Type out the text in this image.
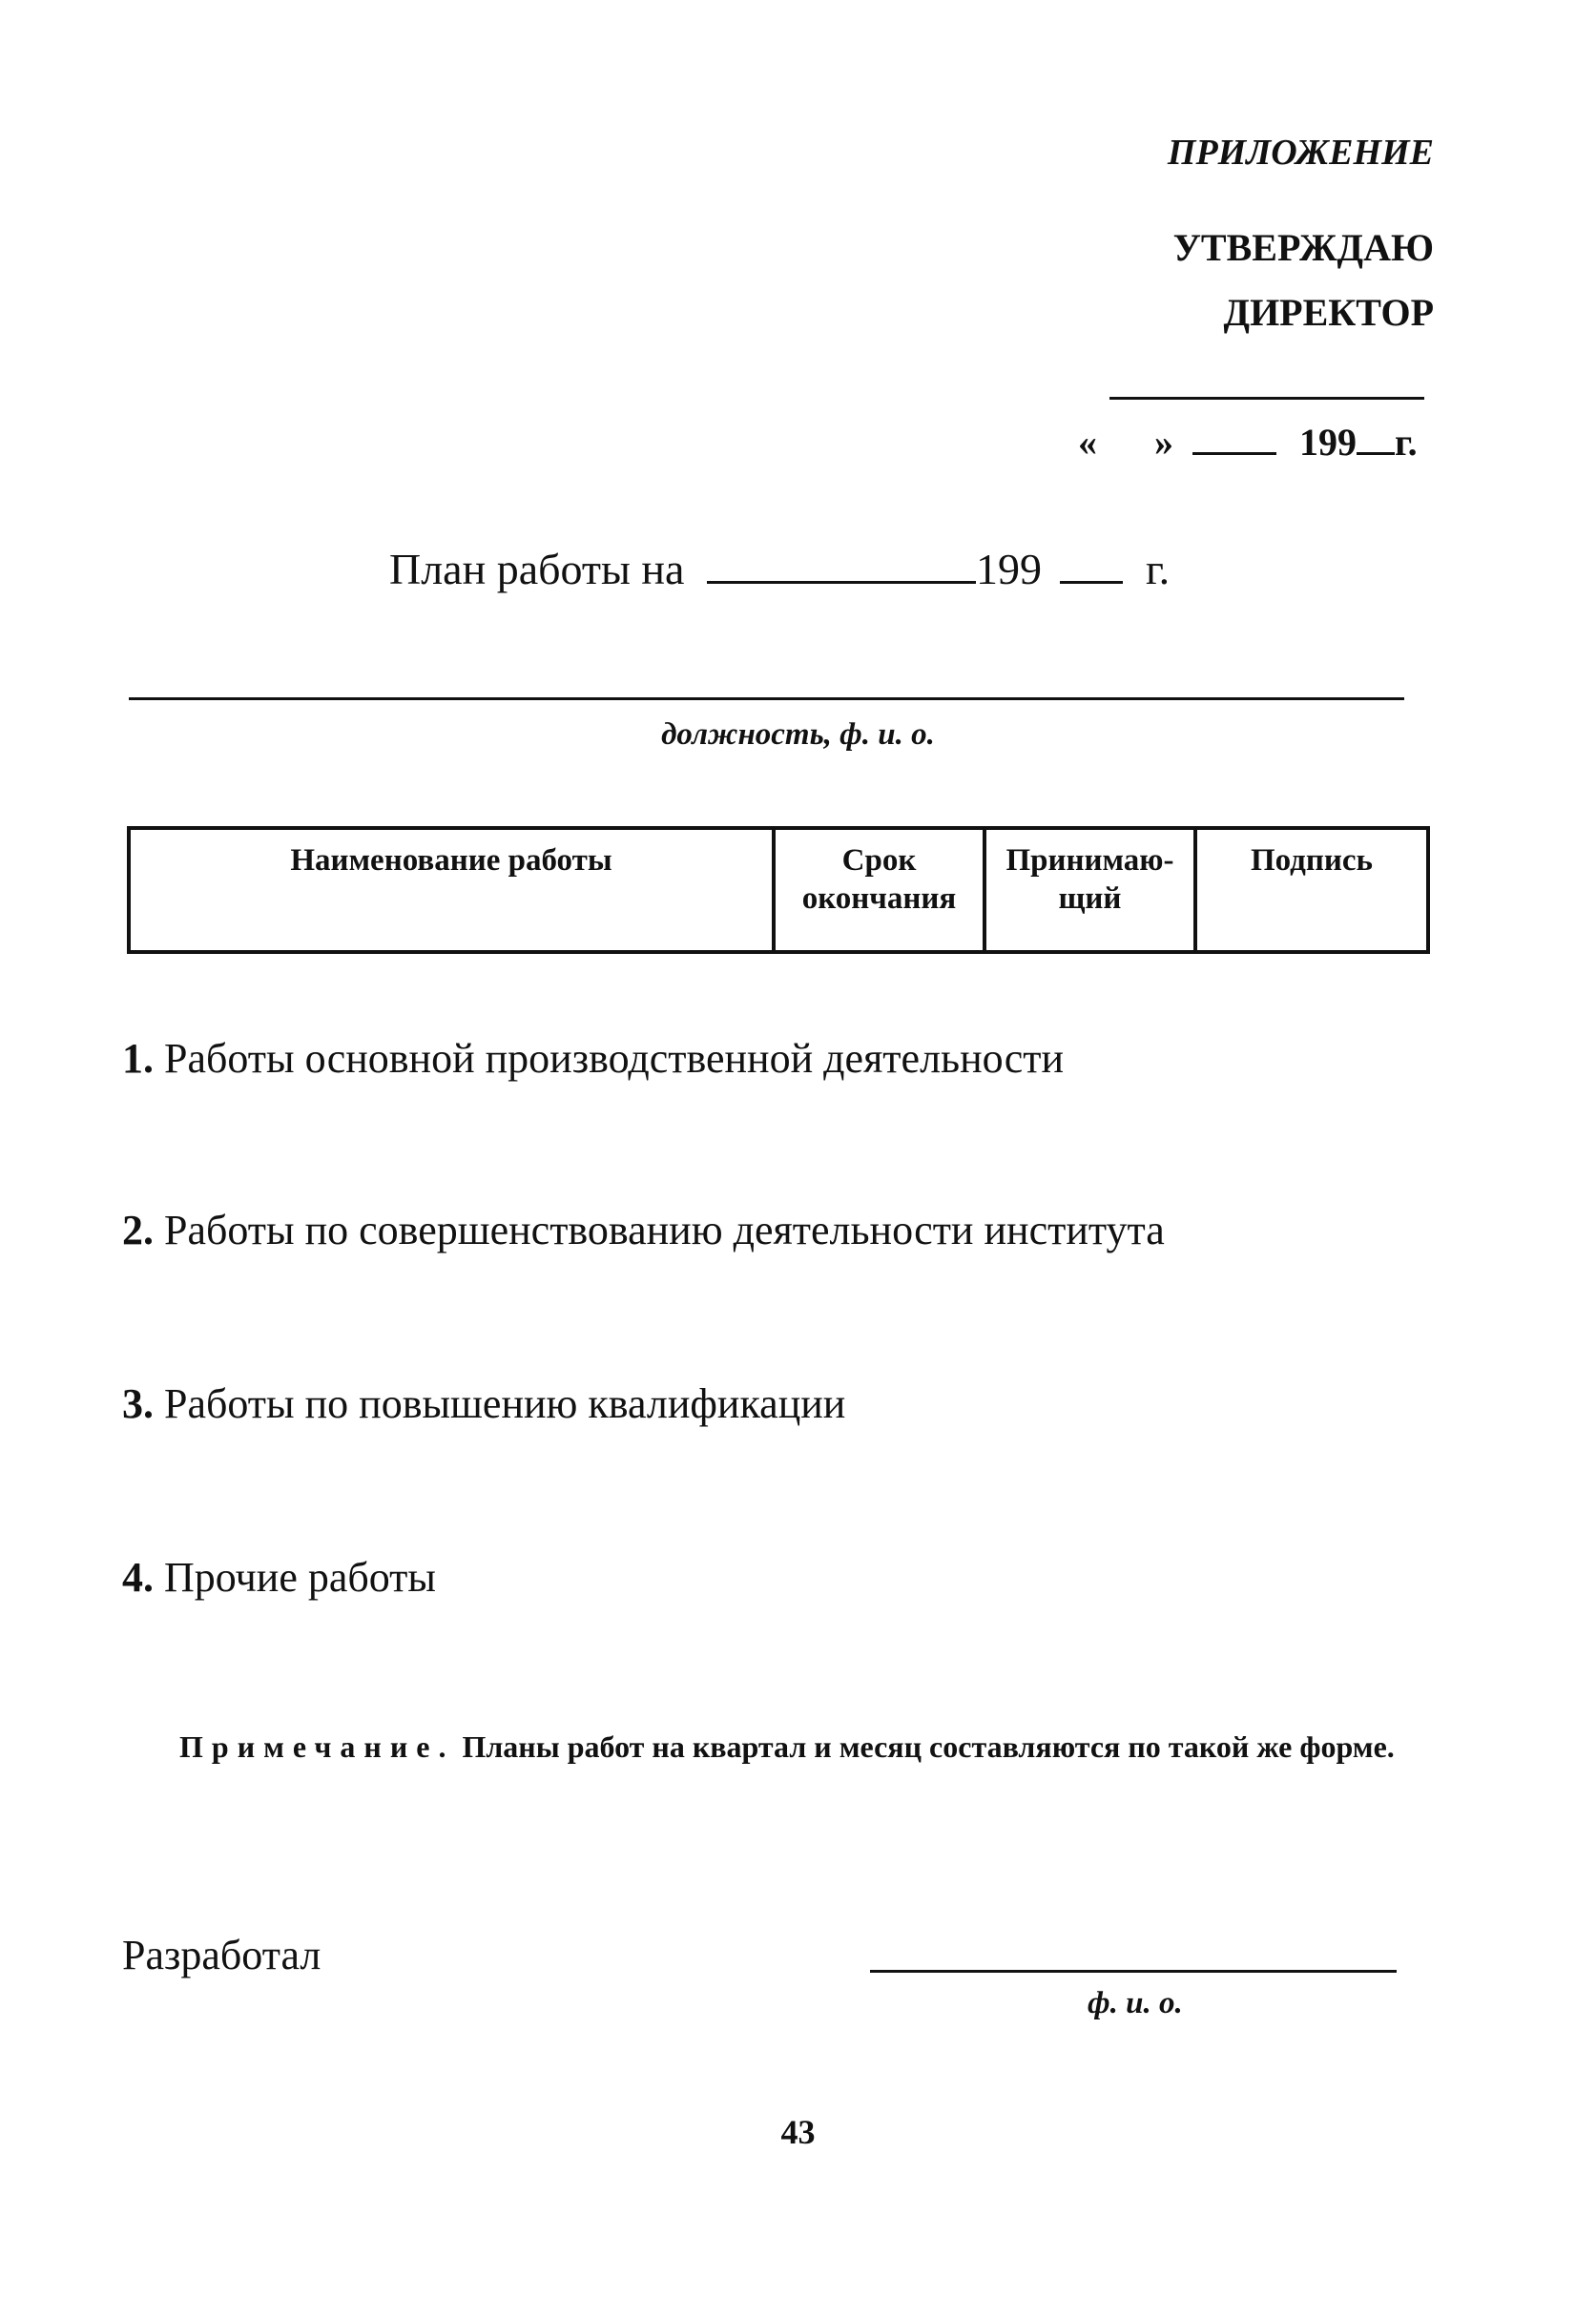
ПРИЛОЖЕНИЕ
УТВЕРЖДАЮ
ДИРЕКТОР
« »	199 г.
План работы на	199 г.
должность, ф. и. о.
Наименование работы	Срок окончания	Принимаю-щий	Подпись
1. Работы основной производственной деятельности
2. Работы по совершенствованию деятельности института
3. Работы по повышению квалификации
4. Прочие работы
Примечание. Планы работ на квартал и месяц составляются по такой же форме.
Разработал
ф. и. о.
43
